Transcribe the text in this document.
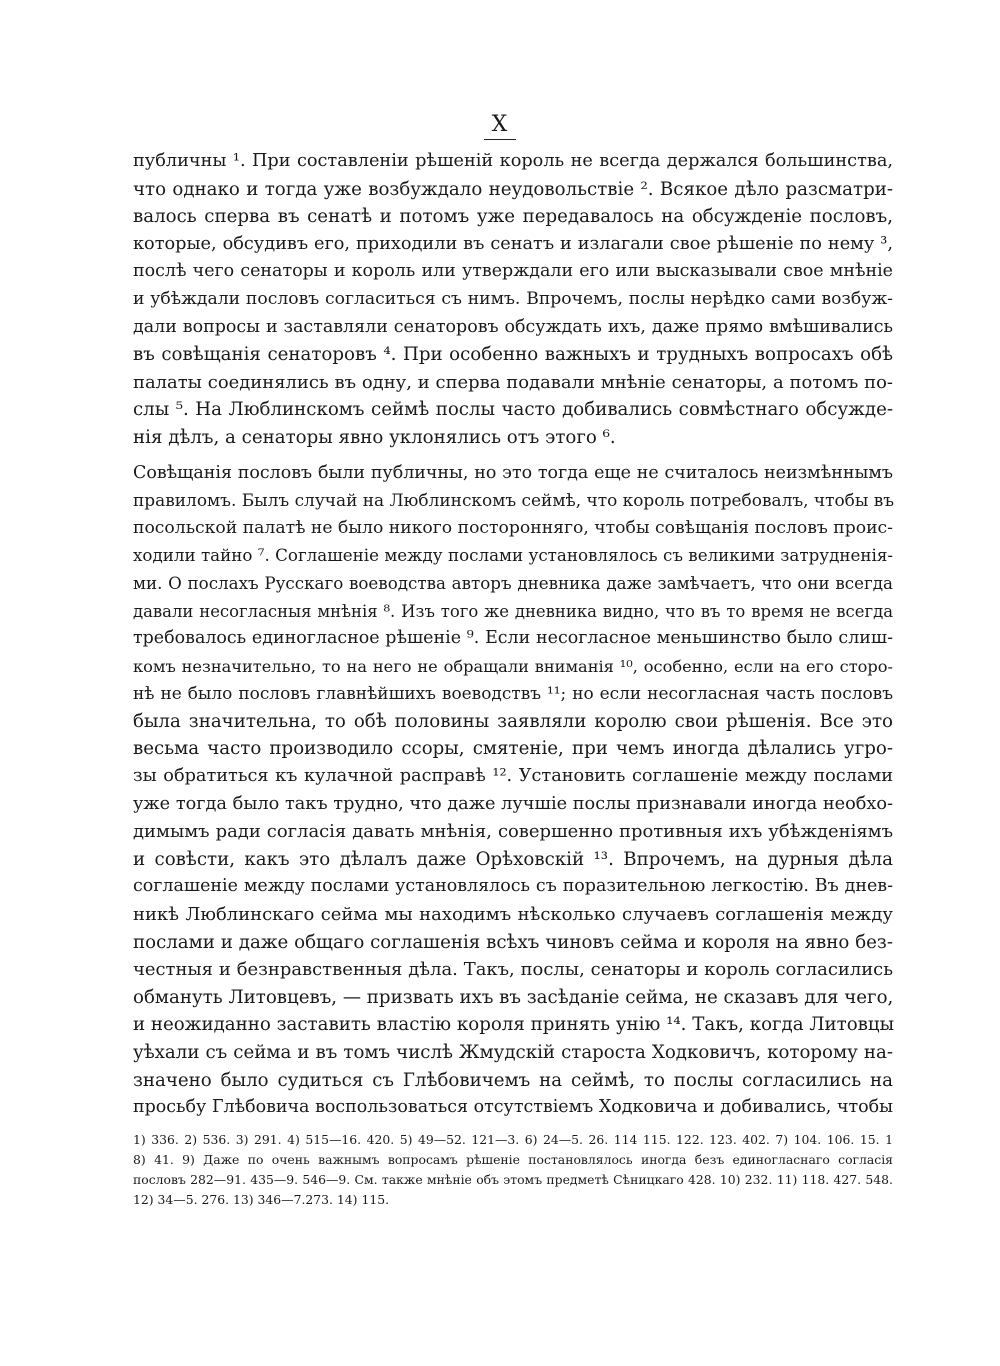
X
публичны ¹. При составленіи рѣшеній король не всегда держался большинства,
что однако и тогда уже возбуждало неудовольствіе ². Всякое дѣло разсматри-
валось сперва въ сенатѣ и потомъ уже передавалось на обсужденіе пословъ,
которые, обсудивъ его, приходили въ сенатъ и излагали свое рѣшеніе по нему ³,
послѣ чего сенаторы и король или утверждали его или высказывали свое мнѣніе
и убѣждали пословъ согласиться съ нимъ. Впрочемъ, послы нерѣдко сами возбуж-
дали вопросы и заставляли сенаторовъ обсуждать ихъ, даже прямо вмѣшивались
въ совѣщанія сенаторовъ ⁴. При особенно важныхъ и трудныхъ вопросахъ обѣ
палаты соединялись въ одну, и сперва подавали мнѣніе сенаторы, а потомъ по-
слы ⁵. На Люблинскомъ сеймѣ послы часто добивались совмѣстнаго обсужде-
нія дѣлъ, а сенаторы явно уклонялись отъ этого ⁶.
Совѣщанія пословъ были публичны, но это тогда еще не считалось неизмѣннымъ
правиломъ. Былъ случай на Люблинскомъ сеймѣ, что король потребовалъ, чтобы въ
посольской палатѣ не было никого посторонняго, чтобы совѣщанія пословъ проис-
ходили тайно ⁷. Соглашеніе между послами установлялось съ великими затрудненія-
ми. О послахъ Русскаго воеводства авторъ дневника даже замѣчаетъ, что они всегда
давали несогласныя мнѣнія ⁸. Изъ того же дневника видно, что въ то время не всегда
требовалось единогласное рѣшеніе ⁹. Если несогласное меньшинство было слиш-
комъ незначительно, то на него не обращали вниманія ¹⁰, особенно, если на его сторо-
нѣ не было пословъ главнѣйшихъ воеводствъ ¹¹; но если несогласная часть пословъ
была значительна, то обѣ половины заявляли королю свои рѣшенія. Все это
весьма часто производило ссоры, смятеніе, при чемъ иногда дѣлались угро-
зы обратиться къ кулачной расправѣ ¹². Установить соглашеніе между послами
уже тогда было такъ трудно, что даже лучшіе послы признавали иногда необхо-
димымъ ради согласія давать мнѣнія, совершенно противныя ихъ убѣжденіямъ
и совѣсти, какъ это дѣлалъ даже Орѣховскій ¹³. Впрочемъ, на дурныя дѣла
соглашеніе между послами установлялось съ поразительною легкостію. Въ днев-
никѣ Люблинскаго сейма мы находимъ нѣсколько случаевъ соглашенія между
послами и даже общаго соглашенія всѣхъ чиновъ сейма и короля на явно без-
честныя и безнравственныя дѣла. Такъ, послы, сенаторы и король согласились
обмануть Литовцевъ, — призвать ихъ въ засѣданіе сейма, не сказавъ для чего,
и неожиданно заставить властію короля принять унію ¹⁴. Такъ, когда Литовцы
уѣхали съ сейма и въ томъ числѣ Жмудскій староста Ходковичъ, которому на-
значено было судиться съ Глѣбовичемъ на сеймѣ, то послы согласились на
просьбу Глѣбовича воспользоваться отсутствіемъ Ходковича и добивались, чтобы
1) 336. 2) 536. 3) 291. 4) 515—16. 420. 5) 49—52. 121—3. 6) 24—5. 26. 114 115. 122. 123. 402. 7) 104. 106. 15. 1
8) 41. 9) Даже по очень важнымъ вопросамъ рѣшеніе постановлялось иногда безъ единогласнаго согласія
пословъ 282—91. 435—9. 546—9. См. также мнѣніе объ этомъ предметѣ Сѣницкаго 428. 10) 232. 11) 118. 427. 548.
12) 34—5. 276. 13) 346—7.273. 14) 115.
